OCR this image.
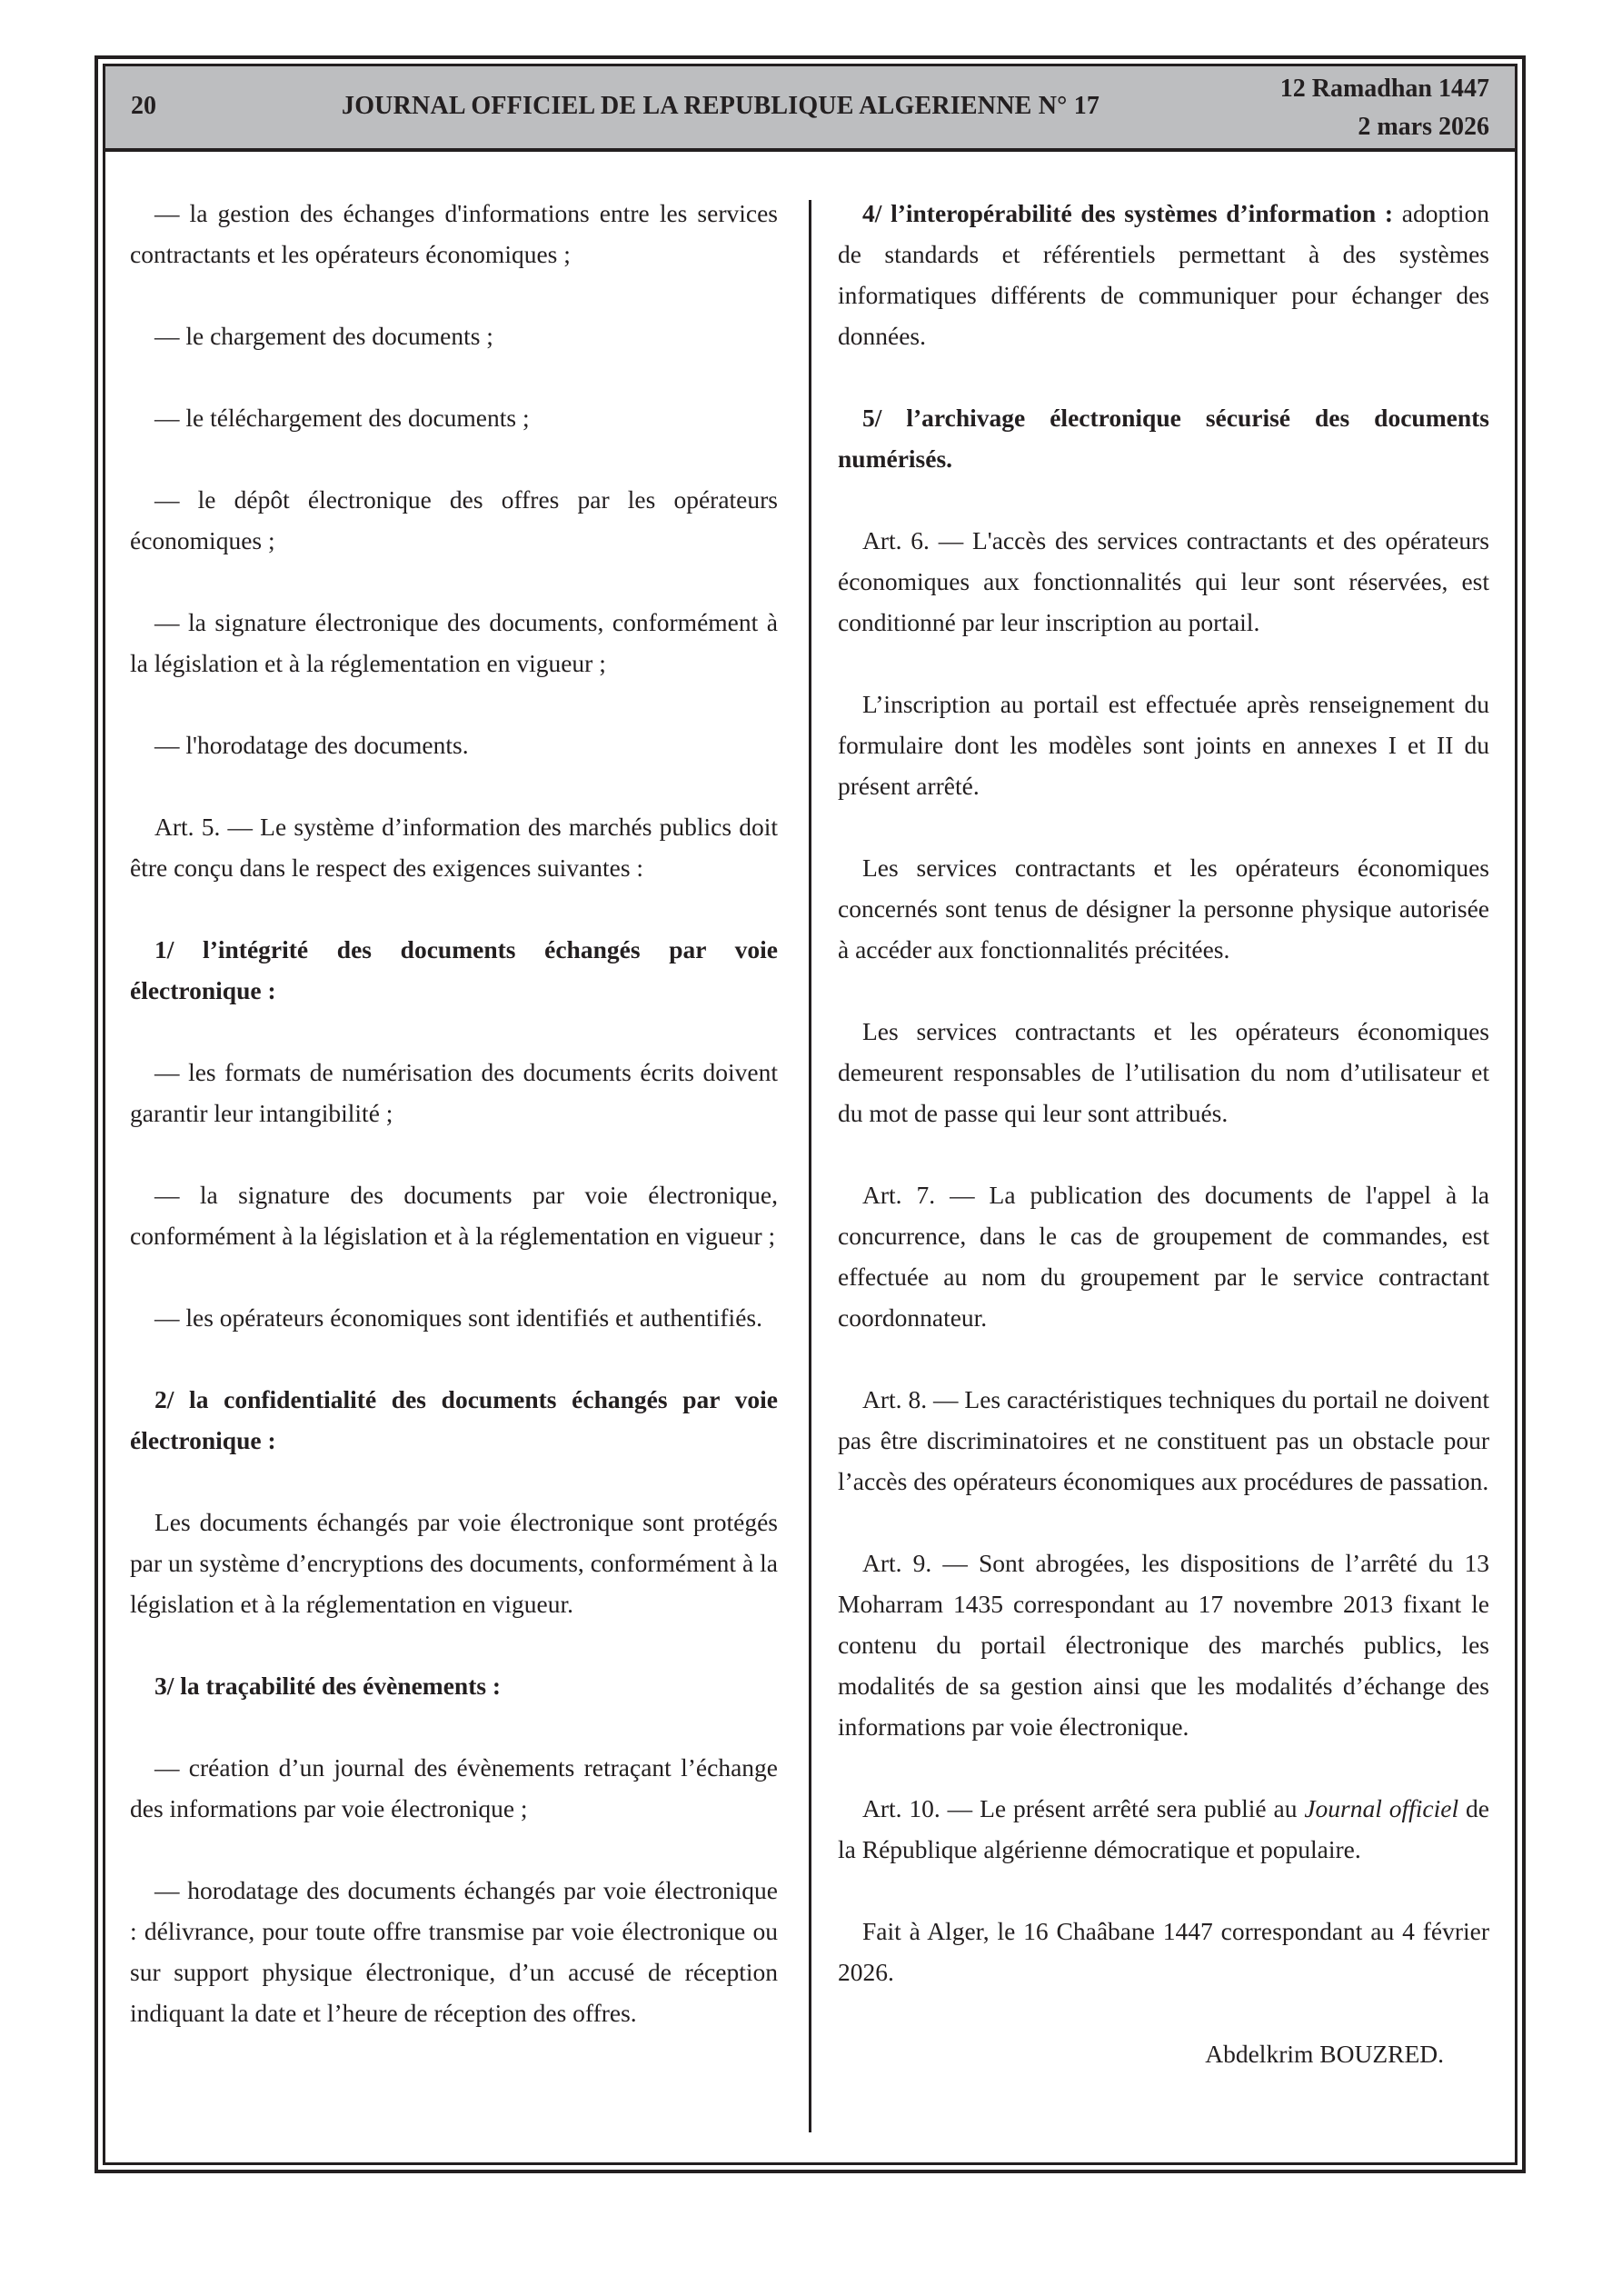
20	JOURNAL OFFICIEL DE LA REPUBLIQUE ALGERIENNE N° 17
12 Ramadhan 1447
2 mars 2026

— la gestion des échanges d'informations entre les services contractants et les opérateurs économiques ;

— le chargement des documents ;

— le téléchargement des documents ;

— le dépôt électronique des offres par les opérateurs économiques ;

— la signature électronique des documents, conformément à la législation et à la réglementation en vigueur ;

— l'horodatage des documents.

Art. 5. — Le système d’information des marchés publics doit être conçu dans le respect des exigences suivantes :

1/ l’intégrité des documents échangés par voie électronique :

— les formats de numérisation des documents écrits doivent garantir leur intangibilité ;

— la signature des documents par voie électronique, conformément à la législation et à la réglementation en vigueur ;

— les opérateurs économiques sont identifiés et authentifiés.

2/ la confidentialité des documents échangés par voie électronique :

Les documents échangés par voie électronique sont protégés par un système d’encryptions des documents, conformément à la législation et à la réglementation en vigueur.

3/ la traçabilité des évènements :

— création d’un journal des évènements retraçant l’échange des informations par voie électronique ;

— horodatage des documents échangés par voie électronique : délivrance, pour toute offre transmise par voie électronique ou sur support physique électronique, d’un accusé de réception indiquant la date et l’heure de réception des offres.

4/ l’interopérabilité des systèmes d’information : adoption de standards et référentiels permettant à des systèmes informatiques différents de communiquer pour échanger des données.

5/ l’archivage électronique sécurisé des documents numérisés.

Art. 6. — L'accès des services contractants et des opérateurs économiques aux fonctionnalités qui leur sont réservées, est conditionné par leur inscription au portail.

L’inscription au portail est effectuée après renseignement du formulaire dont les modèles sont joints en annexes I et II du présent arrêté.

Les services contractants et les opérateurs économiques concernés sont tenus de désigner la personne physique autorisée à accéder aux fonctionnalités précitées.

Les services contractants et les opérateurs économiques demeurent responsables de l’utilisation du nom d’utilisateur et du mot de passe qui leur sont attribués.

Art. 7. — La publication des documents de l'appel à la concurrence, dans le cas de groupement de commandes, est effectuée au nom du groupement par le service contractant coordonnateur.

Art. 8. — Les caractéristiques techniques du portail ne doivent pas être discriminatoires et ne constituent pas un obstacle pour l’accès des opérateurs économiques aux procédures de passation.

Art. 9. — Sont abrogées, les dispositions de l’arrêté du 13 Moharram 1435 correspondant au 17 novembre 2013 fixant le contenu du portail électronique des marchés publics, les modalités de sa gestion ainsi que les modalités d’échange des informations par voie électronique.

Art. 10. — Le présent arrêté sera publié au Journal officiel de la République algérienne démocratique et populaire.

Fait à Alger, le 16 Chaâbane 1447 correspondant au 4 février 2026.

Abdelkrim BOUZRED.
